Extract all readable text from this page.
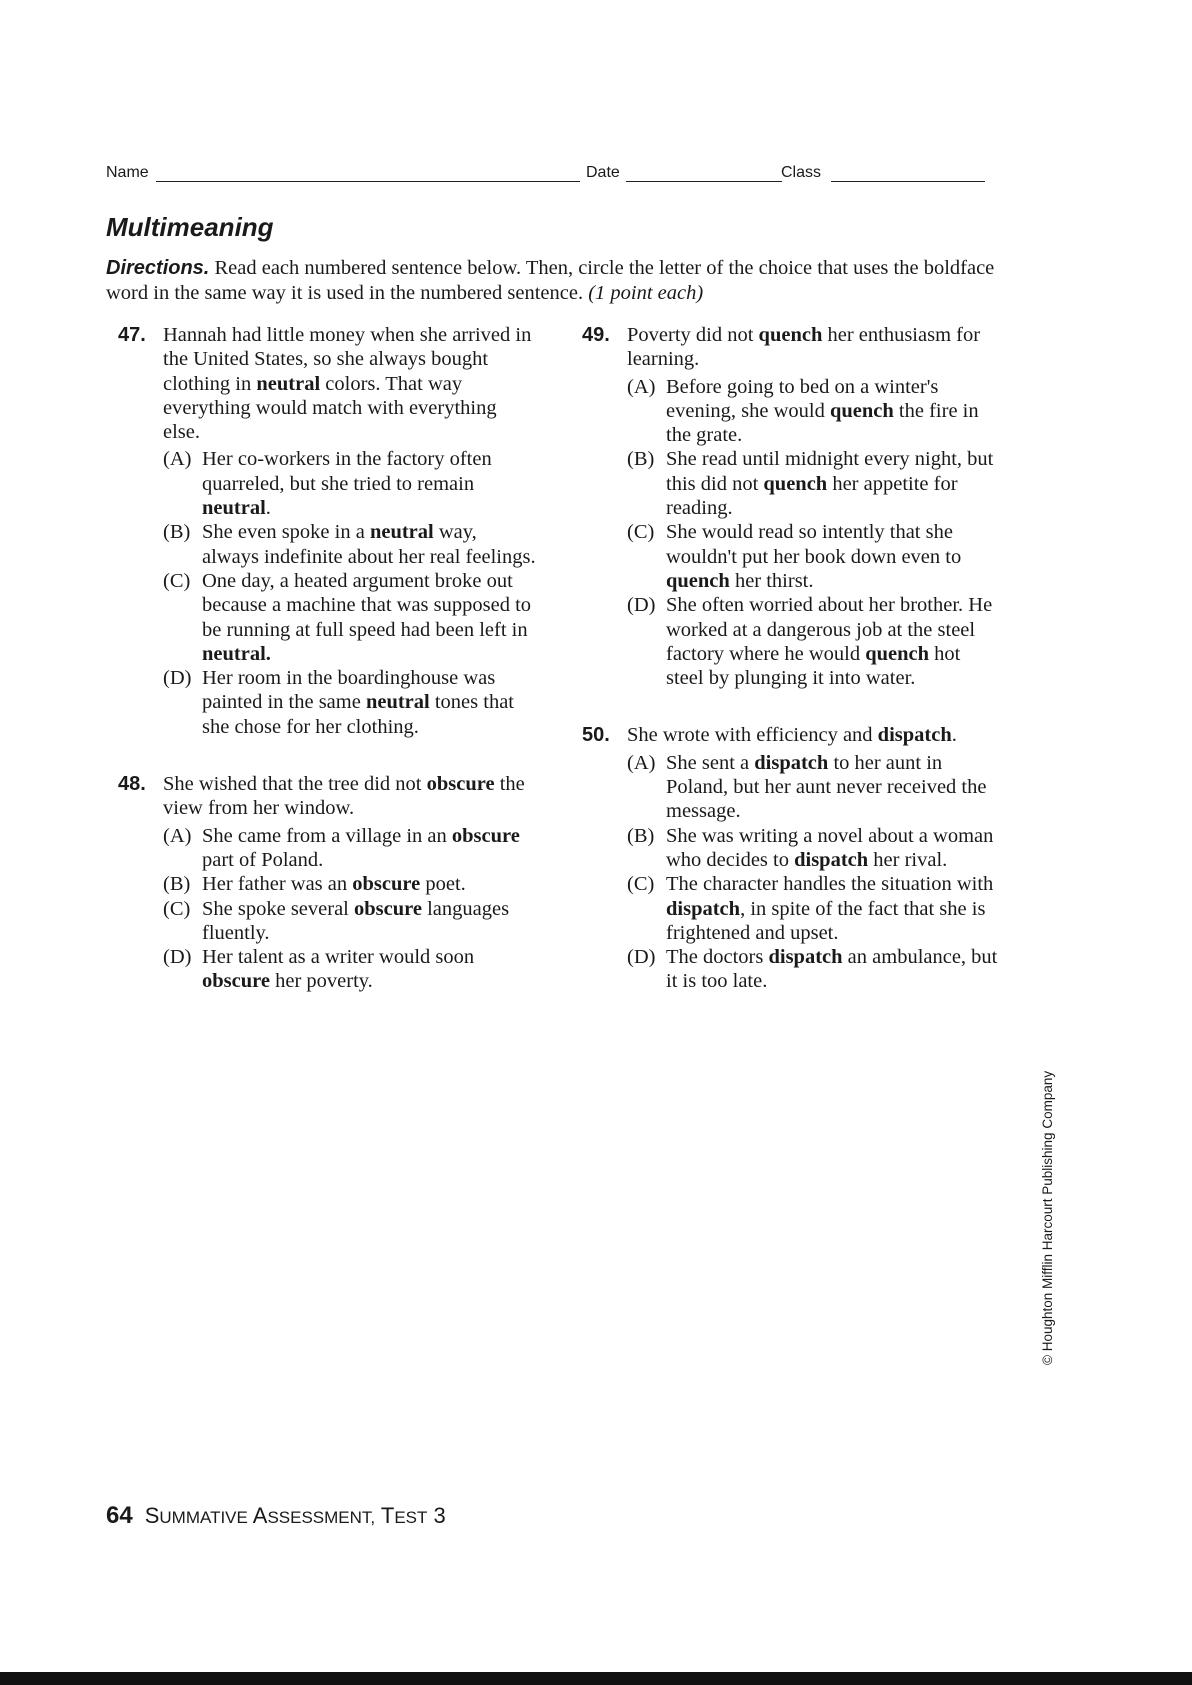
Name	Date	Class
Multimeaning

Directions. Read each numbered sentence below. Then, circle the letter of the choice that uses the boldface word in the same way it is used in the numbered sentence. (1 point each)

47. Hannah had little money when she arrived in the United States, so she always bought clothing in neutral colors. That way everything would match with everything else.

(A) Her co-workers in the factory often quarreled, but she tried to remain neutral.

(B) She even spoke in a neutral way, always indefinite about her real feelings.

(C) One day, a heated argument broke out because a machine that was supposed to be running at full speed had been left in neutral.

(D) Her room in the boardinghouse was painted in the same neutral tones that she chose for her clothing.

48. She wished that the tree did not obscure the view from her window.

(A) She came from a village in an obscure part of Poland.

(B) Her father was an obscure poet.

(C) She spoke several obscure languages fluently.

(D) Her talent as a writer would soon obscure her poverty.

49. Poverty did not quench her enthusiasm for learning.

(A) Before going to bed on a winter's evening, she would quench the fire in the grate.

(B) She read until midnight every night, but this did not quench her appetite for reading.

(C) She would read so intently that she wouldn't put her book down even to quench her thirst.

(D) She often worried about her brother. He worked at a dangerous job at the steel factory where he would quench hot steel by plunging it into water.

50. She wrote with efficiency and dispatch.

(A) She sent a dispatch to her aunt in Poland, but her aunt never received the message.

(B) She was writing a novel about a woman who decides to dispatch her rival.

(C) The character handles the situation with dispatch, in spite of the fact that she is frightened and upset.

(D) The doctors dispatch an ambulance, but it is too late.

64 SUMMATIVE ASSESSMENT, TEST 3
© Houghton Mifflin Harcourt Publishing Company
